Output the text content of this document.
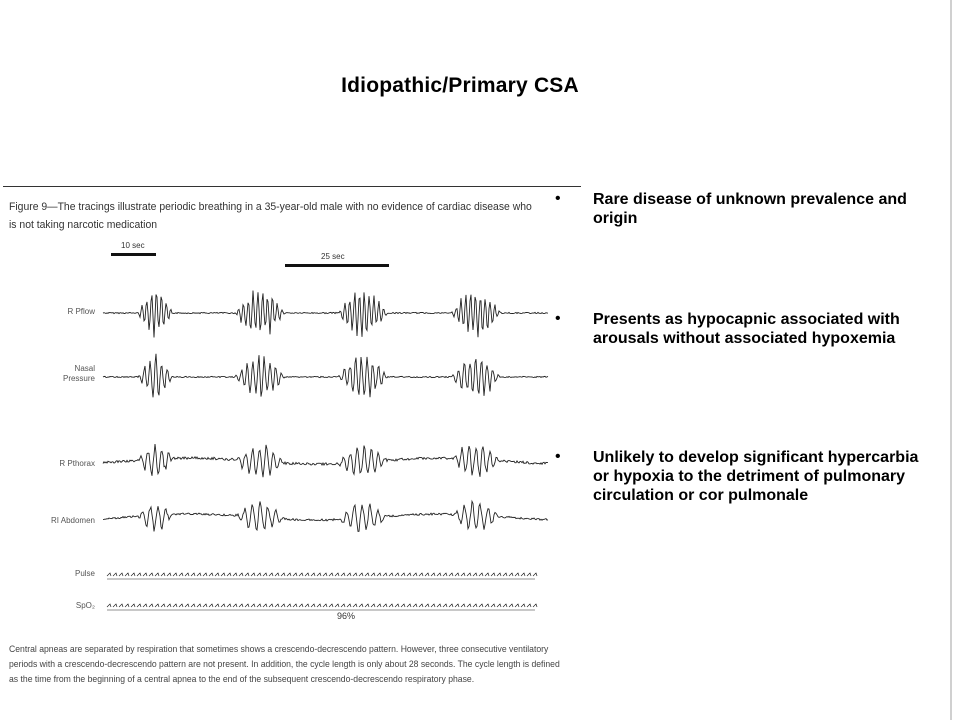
Idiopathic/Primary CSA
Figure 9—The tracings illustrate periodic breathing in a 35-year-old male with no evidence of cardiac disease who is not taking narcotic medication
10 sec
25 sec
R Pflow
Nasal Pressure
R Pthorax
RI Abdomen
Pulse
SpO₂
96%
Central apneas are separated by respiration that sometimes shows a crescendo-decrescendo pattern. However, three consecutive ventilatory periods with a crescendo-decrescendo pattern are not present. In addition, the cycle length is only about 28 seconds. The cycle length is defined as the time from the beginning of a central apnea to the end of the subsequent crescendo-decrescendo respiratory phase.
• Rare disease of unknown prevalence and origin
• Presents as hypocapnic associated with arousals without associated hypoxemia
• Unlikely to develop significant hypercarbia or hypoxia to the detriment of pulmonary circulation or cor pulmonale
